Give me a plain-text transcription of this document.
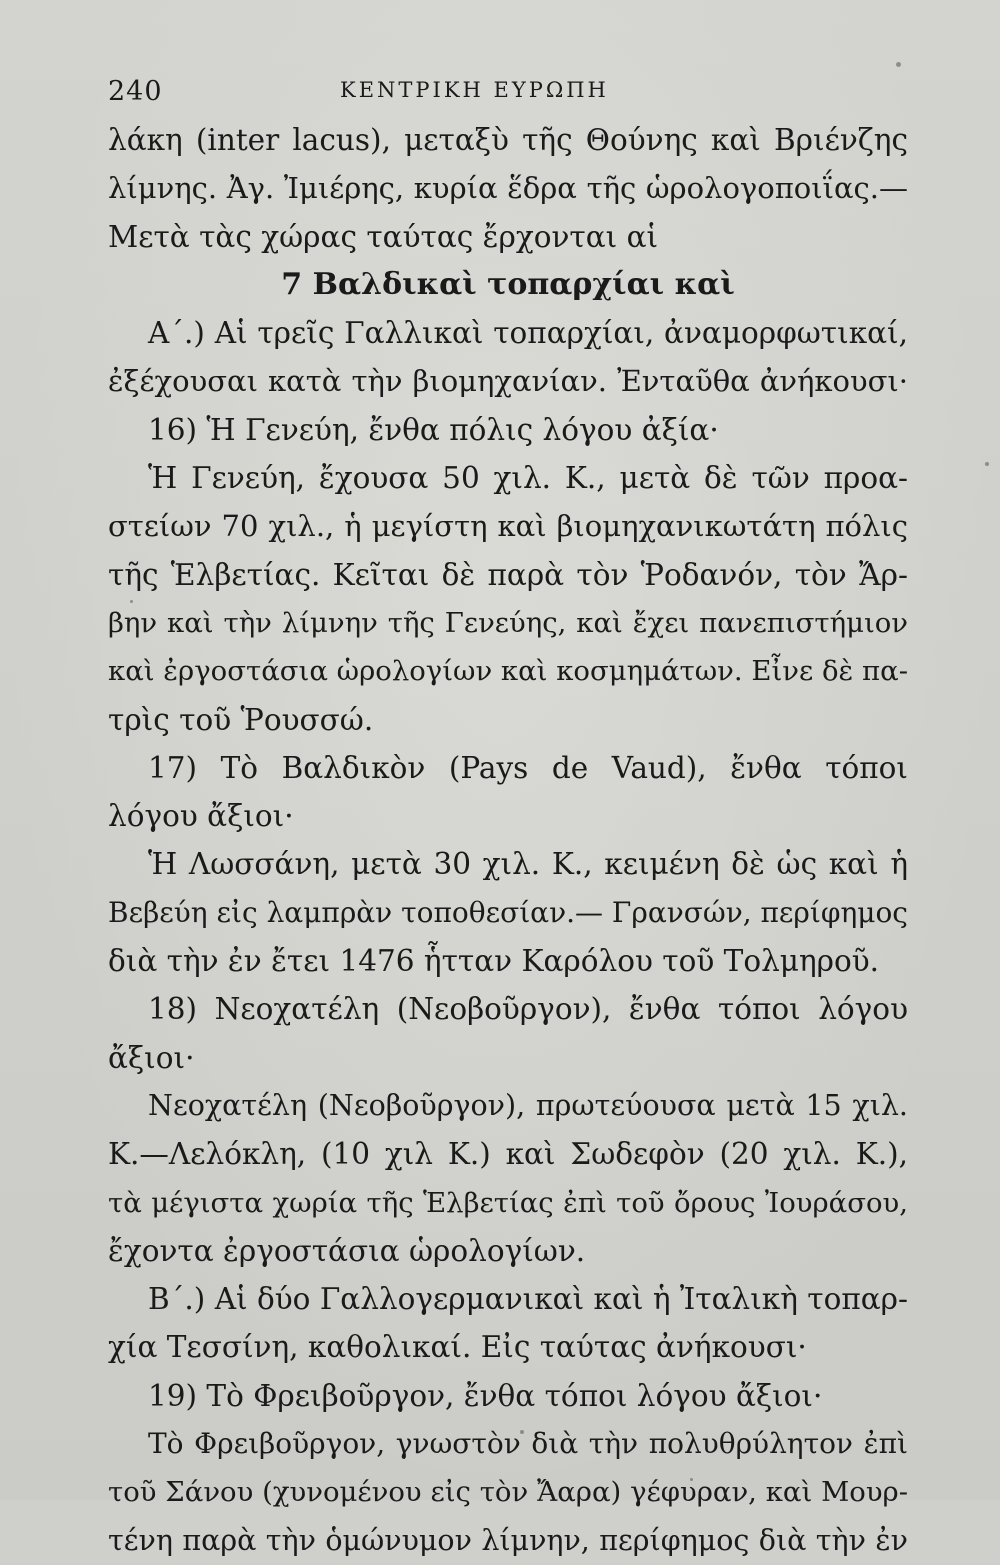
240	ΚΕΝΤΡΙΚΗ ΕΥΡΩΠΗ
λάκη (inter lacus), μεταξὺ τῆς Θούνης καὶ Βριένζης
λίμνης. Ἀγ. Ἰμιέρης, κυρία ἕδρα τῆς ὡρολογοποιΐας.—
Μετὰ τὰς χώρας ταύτας ἔρχονται αἱ
7 Βαλδικαὶ τοπαρχίαι καὶ
Α΄.) Αἱ τρεῖς Γαλλικαὶ τοπαρχίαι, ἀναμορφωτικαί,
ἐξέχουσαι κατὰ τὴν βιομηχανίαν. Ἐνταῦθα ἀνήκουσι·
16) Ἡ Γενεύη, ἔνθα πόλις λόγου ἀξία·
Ἡ Γενεύη, ἔχουσα 50 χιλ. Κ., μετὰ δὲ τῶν προα-
στείων 70 χιλ., ἡ μεγίστη καὶ βιομηχανικωτάτη πόλις
τῆς Ἑλβετίας. Κεῖται δὲ παρὰ τὸν Ῥοδανόν, τὸν Ἄρ-
βην καὶ τὴν λίμνην τῆς Γενεύης, καὶ ἔχει πανεπιστήμιον
καὶ ἐργοστάσια ὡρολογίων καὶ κοσμημάτων. Εἶνε δὲ πα-
τρὶς τοῦ Ῥουσσώ.
17) Τὸ Βαλδικὸν (Pays de Vaud), ἔνθα τόποι
λόγου ἄξιοι·
Ἡ Λωσσάνη, μετὰ 30 χιλ. Κ., κειμένη δὲ ὡς καὶ ἡ
Βεβεύη εἰς λαμπρὰν τοποθεσίαν.— Γρανσών, περίφημος
διὰ τὴν ἐν ἔτει 1476 ἧτταν Καρόλου τοῦ Τολμηροῦ.
18) Νεοχατέλη (Νεοβοῦργον), ἔνθα τόποι λόγου
ἄξιοι·
Νεοχατέλη (Νεοβοῦργον), πρωτεύουσα μετὰ 15 χιλ.
Κ.—Λελόκλη, (10 χιλ Κ.) καὶ Σωδεφὸν (20 χιλ. Κ.),
τὰ μέγιστα χωρία τῆς Ἑλβετίας ἐπὶ τοῦ ὄρους Ἰουράσου,
ἔχοντα ἐργοστάσια ὡρολογίων.
Β΄.) Αἱ δύο Γαλλογερμανικαὶ καὶ ἡ Ἰταλικὴ τοπαρ-
χία Τεσσίνη, καθολικαί. Εἰς ταύτας ἀνήκουσι·
19) Τὸ Φρειβοῦργον, ἔνθα τόποι λόγου ἄξιοι·
Τὸ Φρειβοῦργον, γνωστὸν διὰ τὴν πολυθρύλητον ἐπὶ
τοῦ Σάνου (χυνομένου εἰς τὸν Ἄαρα) γέφυραν, καὶ Μουρ-
τένη παρὰ τὴν ὁμώνυμον λίμνην, περίφημος διὰ τὴν ἐν
